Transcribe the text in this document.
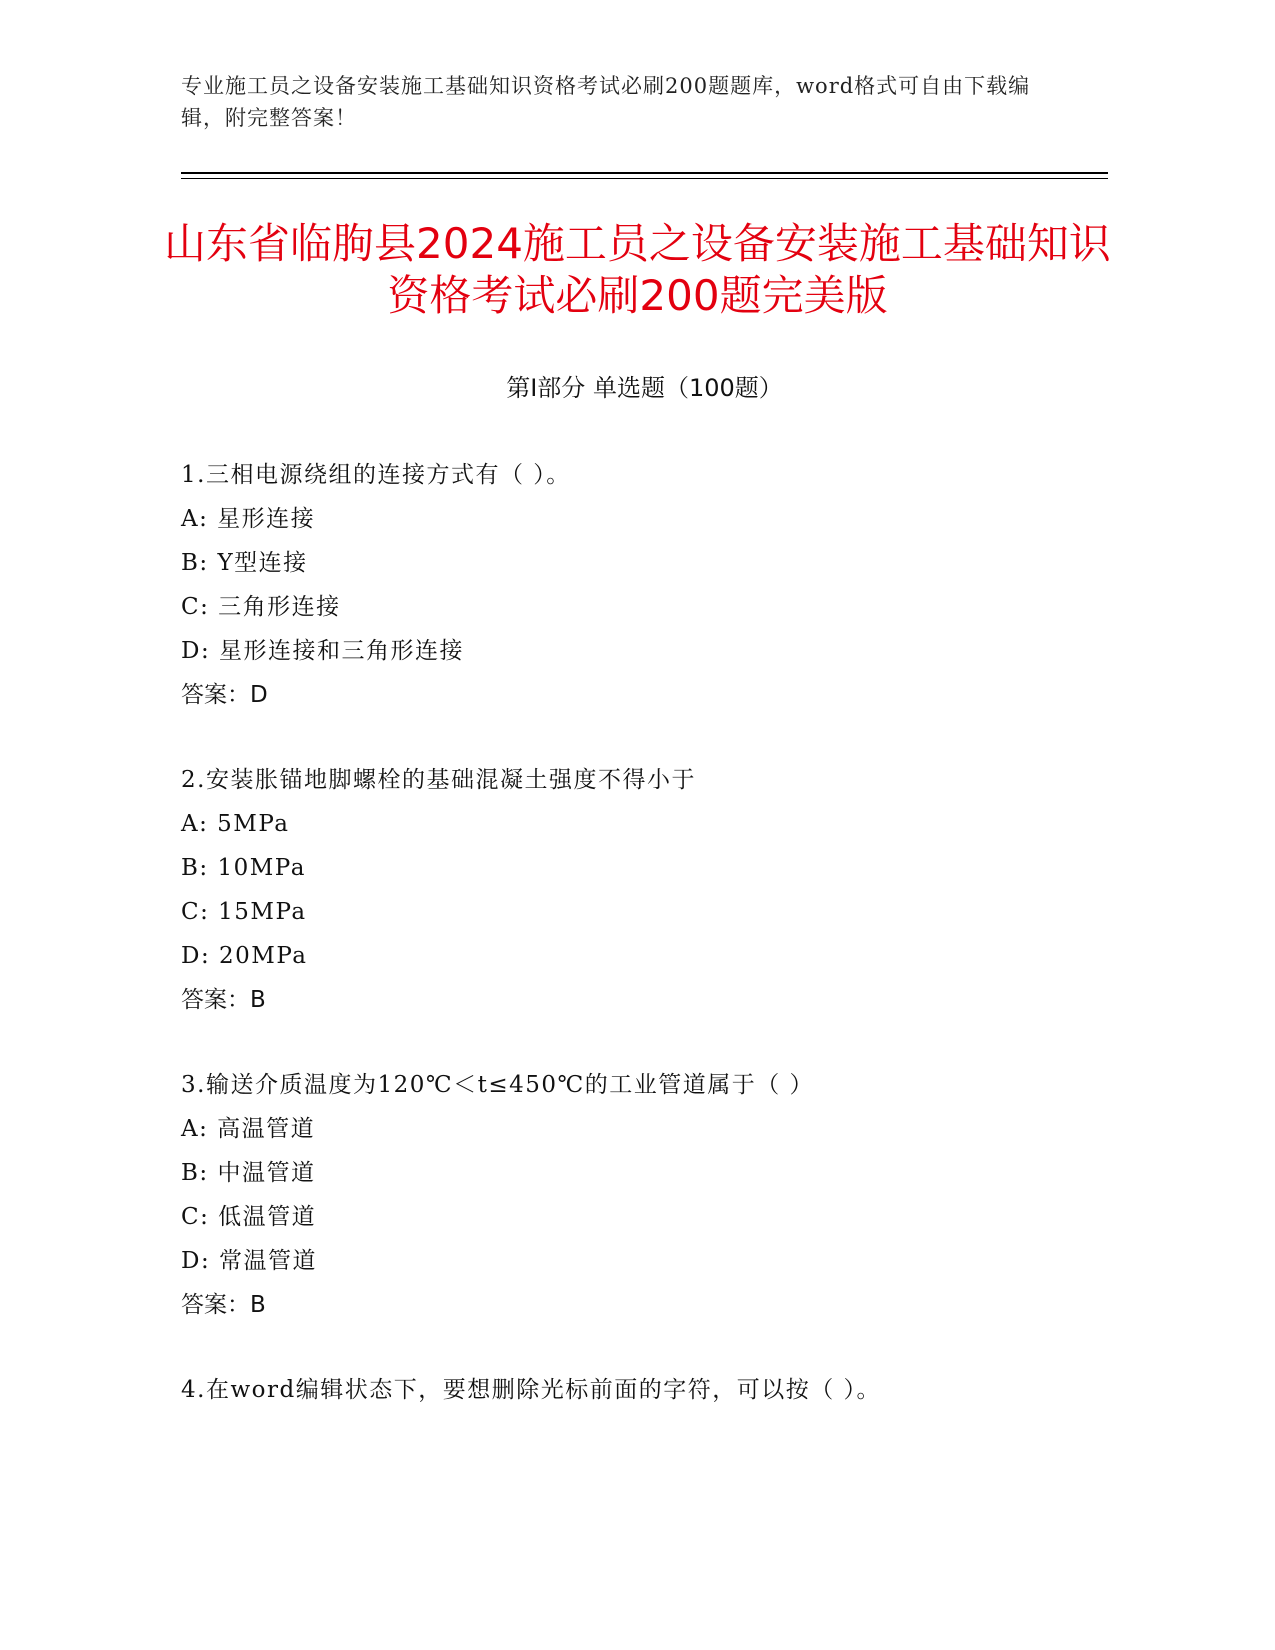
专业施工员之设备安装施工基础知识资格考试必刷200题题库，word格式可自由下载编辑，附完整答案！
山东省临朐县2024施工员之设备安装施工基础知识资格考试必刷200题完美版
第Ⅰ部分 单选题（100题）
1.三相电源绕组的连接方式有（ ）。
A: 星形连接
B: Y型连接
C: 三角形连接
D: 星形连接和三角形连接
答案：D
2.安装胀锚地脚螺栓的基础混凝土强度不得小于
A: 5MPa
B: 10MPa
C: 15MPa
D: 20MPa
答案：B
3.输送介质温度为120℃＜t≤450℃的工业管道属于（ ）
A: 高温管道
B: 中温管道
C: 低温管道
D: 常温管道
答案：B
4.在word编辑状态下，要想删除光标前面的字符，可以按（ ）。
